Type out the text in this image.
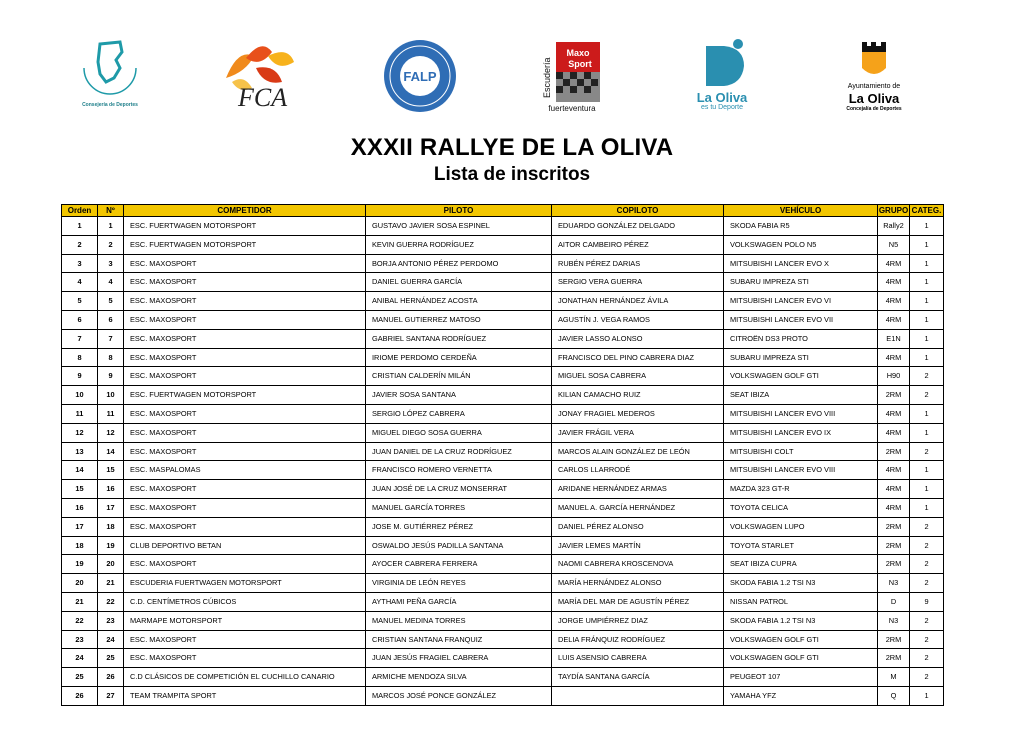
Consejería de Deportes	FCA
FALP
Maxo
Sport
Escudería
fuerteventura
La Oliva
es tu Deporte
Ayuntamiento de
La Oliva
Concejalía de Deportes
XXXII RALLYE DE LA OLIVA
Lista de inscritos
Orden	Nº	COMPETIDOR	PILOTO	COPILOTO	VEHÍCULO	GRUPO	CATEG.
1	1	ESC. FUERTWAGEN MOTORSPORT	GUSTAVO JAVIER SOSA ESPINEL	EDUARDO GONZÁLEZ DELGADO	SKODA FABIA R5	Rally2	1
2	2	ESC. FUERTWAGEN MOTORSPORT	KEVIN GUERRA RODRÍGUEZ	AITOR CAMBEIRO PÉREZ	VOLKSWAGEN POLO N5	N5	1
3	3	ESC. MAXOSPORT	BORJA ANTONIO PÉREZ PERDOMO	RUBÉN PÉREZ DARIAS	MITSUBISHI LANCER EVO X	4RM	1
4	4	ESC. MAXOSPORT	DANIEL GUERRA GARCÍA	SERGIO VERA GUERRA	SUBARU IMPREZA STI	4RM	1
5	5	ESC. MAXOSPORT	ANIBAL HERNÁNDEZ ACOSTA	JONATHAN HERNÁNDEZ ÁVILA	MITSUBISHI LANCER EVO VI	4RM	1
6	6	ESC. MAXOSPORT	MANUEL GUTIERREZ MATOSO	AGUSTÍN J. VEGA RAMOS	MITSUBISHI LANCER EVO VII	4RM	1
7	7	ESC. MAXOSPORT	GABRIEL SANTANA RODRÍGUEZ	JAVIER LASSO ALONSO	CITROËN DS3 PROTO	E1N	1
8	8	ESC. MAXOSPORT	IRIOME PERDOMO CERDEÑA	FRANCISCO DEL PINO CABRERA DIAZ	SUBARU IMPREZA STI	4RM	1
9	9	ESC. MAXOSPORT	CRISTIAN CALDERÍN MILÁN	MIGUEL SOSA CABRERA	VOLKSWAGEN GOLF GTI	H90	2
10	10	ESC. FUERTWAGEN MOTORSPORT	JAVIER SOSA SANTANA	KILIAN CAMACHO RUIZ	SEAT IBIZA	2RM	2
11	11	ESC. MAXOSPORT	SERGIO LÓPEZ CABRERA	JONAY FRAGIEL MEDEROS	MITSUBISHI LANCER EVO VIII	4RM	1
12	12	ESC. MAXOSPORT	MIGUEL DIEGO SOSA GUERRA	JAVIER FRÁGIL VERA	MITSUBISHI LANCER EVO IX	4RM	1
13	14	ESC. MAXOSPORT	JUAN DANIEL DE LA CRUZ RODRÍGUEZ	MARCOS ALAIN GONZÁLEZ DE LEÓN	MITSUBISHI COLT	2RM	2
14	15	ESC. MASPALOMAS	FRANCISCO ROMERO VERNETTA	CARLOS LLARRODÉ	MITSUBISHI LANCER EVO VIII	4RM	1
15	16	ESC. MAXOSPORT	JUAN JOSÉ DE LA CRUZ MONSERRAT	ARIDANE HERNÁNDEZ ARMAS	MAZDA 323 GT-R	4RM	1
16	17	ESC. MAXOSPORT	MANUEL GARCÍA TORRES	MANUEL A. GARCÍA HERNÁNDEZ	TOYOTA CELICA	4RM	1
17	18	ESC. MAXOSPORT	JOSE M. GUTIÉRREZ PÉREZ	DANIEL PÉREZ ALONSO	VOLKSWAGEN LUPO	2RM	2
18	19	CLUB DEPORTIVO BETAN	OSWALDO JESÚS PADILLA SANTANA	JAVIER LEMES MARTÍN	TOYOTA STARLET	2RM	2
19	20	ESC. MAXOSPORT	AYOCER CABRERA FERRERA	NAOMI CABRERA KROSCENOVA	SEAT IBIZA CUPRA	2RM	2
20	21	ESCUDERIA FUERTWAGEN MOTORSPORT	VIRGINIA DE LEÓN REYES	MARÍA HERNÁNDEZ ALONSO	SKODA FABIA 1.2 TSI N3	N3	2
21	22	C.D. CENTÍMETROS CÚBICOS	AYTHAMI PEÑA GARCÍA	MARÍA DEL MAR DE AGUSTÍN PÉREZ	NISSAN PATROL	D	9
22	23	MARMAPE MOTORSPORT	MANUEL MEDINA TORRES	JORGE UMPIÉRREZ DIAZ	SKODA FABIA 1.2 TSI N3	N3	2
23	24	ESC. MAXOSPORT	CRISTIAN SANTANA FRANQUIZ	DELIA FRÁNQUIZ RODRÍGUEZ	VOLKSWAGEN GOLF GTI	2RM	2
24	25	ESC. MAXOSPORT	JUAN JESÚS FRAGIEL CABRERA	LUIS ASENSIO CABRERA	VOLKSWAGEN GOLF GTI	2RM	2
25	26	C.D CLÁSICOS DE COMPETICIÓN EL CUCHILLO CANARIO	ARMICHE MENDOZA SILVA	TAYDÍA SANTANA GARCÍA	PEUGEOT 107	M	2
26	27	TEAM TRAMPITA SPORT	MARCOS JOSÉ PONCE GONZÁLEZ		YAMAHA YFZ	Q	1
